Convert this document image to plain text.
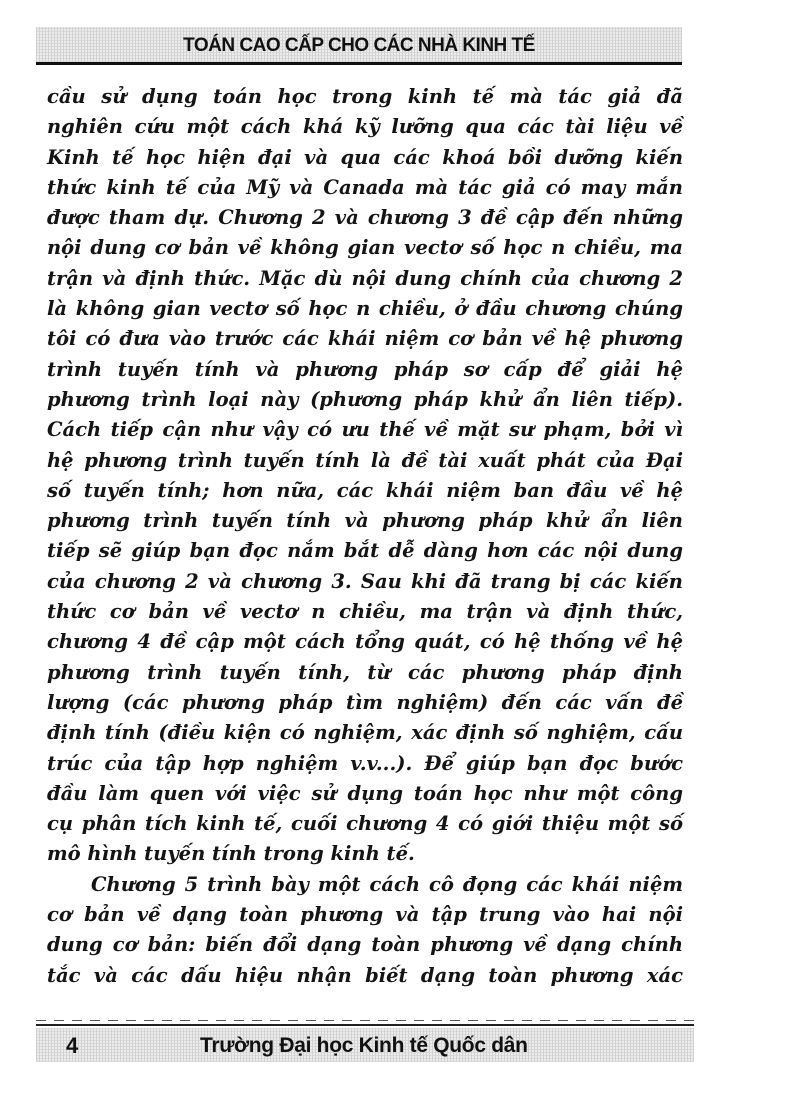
TOÁN CAO CẤP CHO CÁC NHÀ KINH TẾ
cầu sử dụng toán học trong kinh tế mà tác giả đã
nghiên cứu một cách khá kỹ lưỡng qua các tài liệu về
Kinh tế học hiện đại và qua các khoá bồi dưỡng kiến
thức kinh tế của Mỹ và Canada mà tác giả có may mắn
được tham dự. Chương 2 và chương 3 đề cập đến những
nội dung cơ bản về không gian vectơ số học n chiều, ma
trận và định thức. Mặc dù nội dung chính của chương 2
là không gian vectơ số học n chiều, ở đầu chương chúng
tôi có đưa vào trước các khái niệm cơ bản về hệ phương
trình tuyến tính và phương pháp sơ cấp để giải hệ
phương trình loại này (phương pháp khử ẩn liên tiếp).
Cách tiếp cận như vậy có ưu thế về mặt sư phạm, bởi vì
hệ phương trình tuyến tính là đề tài xuất phát của Đại
số tuyến tính; hơn nữa, các khái niệm ban đầu về hệ
phương trình tuyến tính và phương pháp khử ẩn liên
tiếp sẽ giúp bạn đọc nắm bắt dễ dàng hơn các nội dung
của chương 2 và chương 3. Sau khi đã trang bị các kiến
thức cơ bản về vectơ n chiều, ma trận và định thức,
chương 4 đề cập một cách tổng quát, có hệ thống về hệ
phương trình tuyến tính, từ các phương pháp định
lượng (các phương pháp tìm nghiệm) đến các vấn đề
định tính (điều kiện có nghiệm, xác định số nghiệm, cấu
trúc của tập hợp nghiệm v.v...). Để giúp bạn đọc bước
đầu làm quen với việc sử dụng toán học như một công
cụ phân tích kinh tế, cuối chương 4 có giới thiệu một số
mô hình tuyến tính trong kinh tế.
Chương 5 trình bày một cách cô đọng các khái niệm
cơ bản về dạng toàn phương và tập trung vào hai nội
dung cơ bản: biến đổi dạng toàn phương về dạng chính
tắc và các dấu hiệu nhận biết dạng toàn phương xác
4	Trường Đại học Kinh tế Quốc dân
